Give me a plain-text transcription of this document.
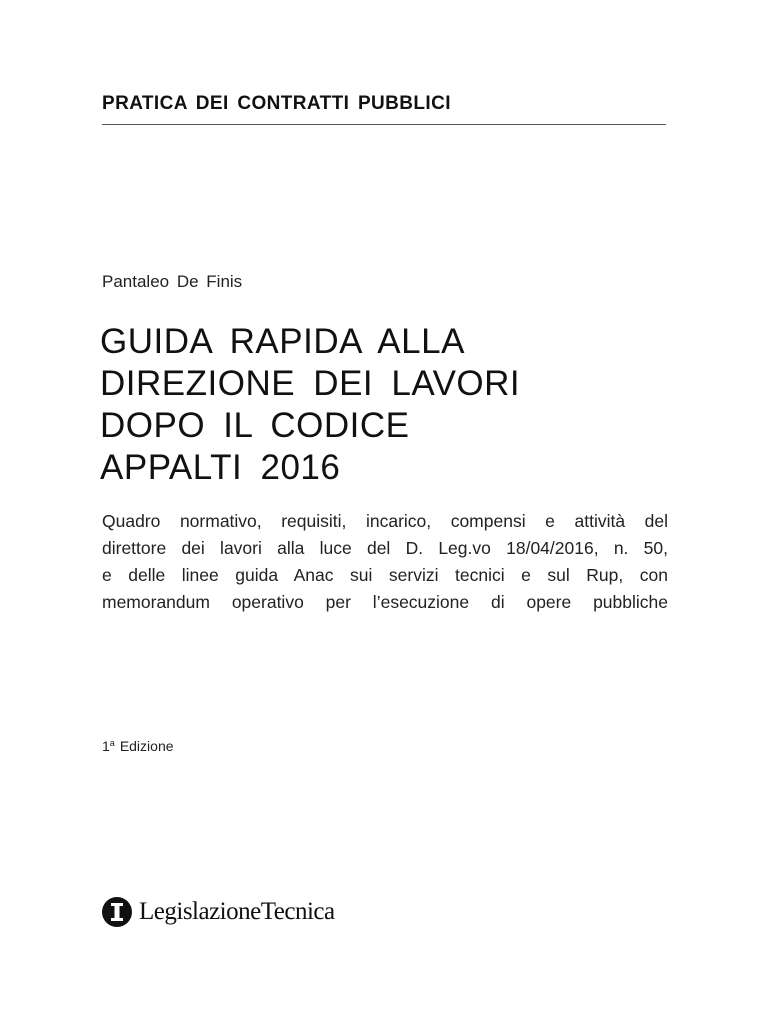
PRATICA DEI CONTRATTI PUBBLICI
Pantaleo De Finis
GUIDA RAPIDA ALLA
DIREZIONE DEI LAVORI
DOPO IL CODICE
APPALTI 2016

Quadro normativo, requisiti, incarico, compensi e attività del
direttore dei lavori alla luce del D. Leg.vo 18/04/2016, n. 50,
e delle linee guida Anac sui servizi tecnici e sul Rup, con
memorandum operativo per l’esecuzione di opere pubbliche

1$^a$ Edizione
LegislazioneTecnica
